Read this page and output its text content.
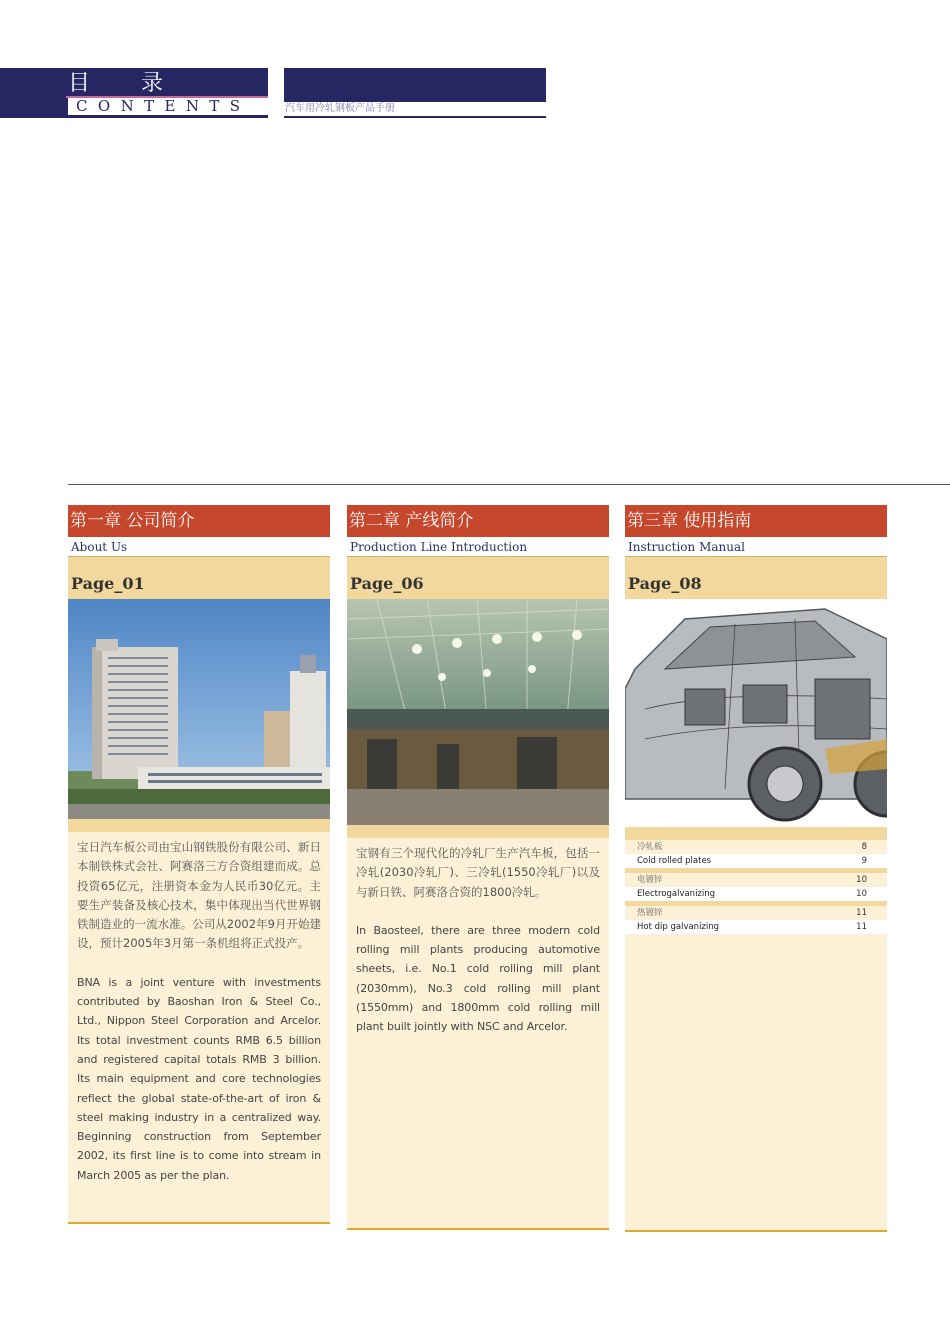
目 录
CONTENTS	汽车用冷轧钢板产品手册
第一章 公司简介
About Us
Page_01

宝日汽车板公司由宝山钢铁股份有限公司、新日本制铁株式会社、阿赛洛三方合资组建而成。总投资65亿元，注册资本金为人民币30亿元。主要生产装备及核心技术，集中体现出当代世界钢铁制造业的一流水准。公司从2002年9月开始建设，预计2005年3月第一条机组将正式投产。

BNA is a joint venture with investments contributed by Baoshan Iron & Steel Co., Ltd., Nippon Steel Corporation and Arcelor. Its total investment counts RMB 6.5 billion and registered capital totals RMB 3 billion. Its main equipment and core technologies reflect the global state-of-the-art of iron & steel making industry in a centralized way. Beginning construction from September 2002, its first line is to come into stream in March 2005 as per the plan.

第二章 产线简介
Production Line Introduction
Page_06

宝钢有三个现代化的冷轧厂生产汽车板，包括一冷轧(2030冷轧厂)、三冷轧(1550冷轧厂)以及与新日铁、阿赛洛合资的1800冷轧。

In Baosteel, there are three modern cold rolling mill plants producing automotive sheets, i.e. No.1 cold rolling mill plant (2030mm), No.3 cold rolling mill plant (1550mm) and 1800mm cold rolling mill plant built jointly with NSC and Arcelor.

第三章 使用指南
Instruction Manual
Page_08
冷轧板	8
Cold rolled plates	9
电镀锌	10
Electrogalvanizing	10
热镀锌	11
Hot dip galvanizing	11
